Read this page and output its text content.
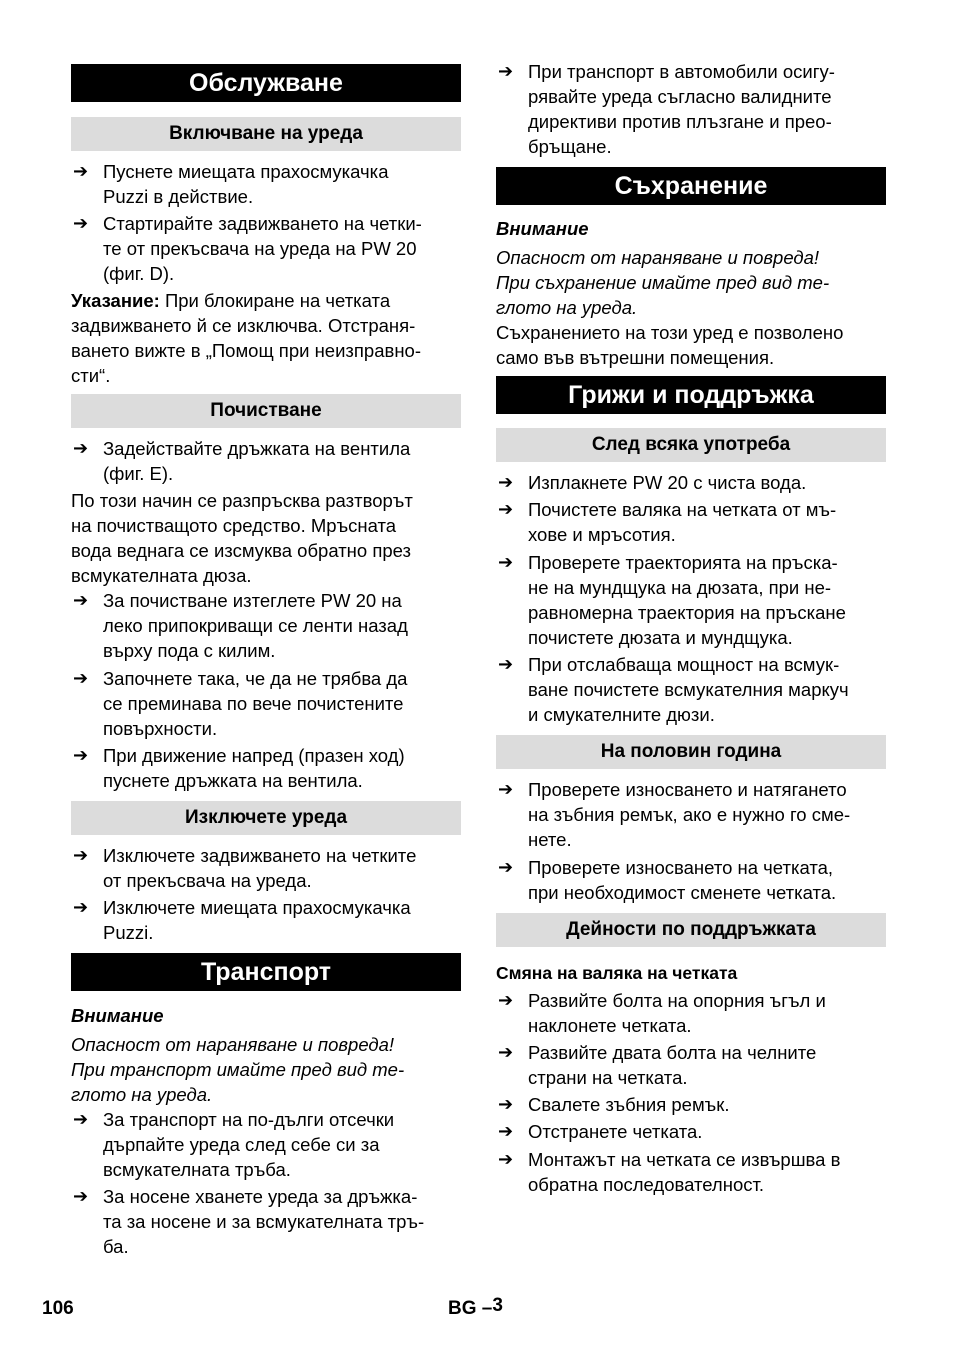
Обслужване
Включване на уреда
➔ Пуснете миещата прахосмукачка
Puzzi в действие.
➔ Стартирайте задвижването на четки-
те от прекъсвача на уреда на PW 20
(фиг. D).
Указание: При блокиране на четката
задвижването й се изключва. Отстраня-
ването вижте в „Помощ при неизправно-
сти“.
Почистване
➔ Задействайте дръжката на вентила
(фиг. E).
По този начин се разпръсква разтворът
на почистващото средство. Мръсната
вода веднага се изсмуква обратно през
всмукателната дюза.
➔ За почистване изтеглете PW 20 на
леко припокриващи се ленти назад
върху пода с килим.
➔ Започнете така, че да не трябва да
се преминава по вече почистените
повърхности.
➔ При движение напред (празен ход)
пуснете дръжката на вентила.
Изключете уреда
➔ Изключете задвижването на четките
от прекъсвача на уреда.
➔ Изключете миещата прахосмукачка
Puzzi.
Транспорт
Внимание
Опасност от нараняване и повреда!
При транспорт имайте пред вид те-
глото на уреда.
➔ За транспорт на по-дълги отсечки
дърпайте уреда след себе си за
всмукателната тръба.
➔ За носене хванете уреда за дръжка-
та за носене и за всмукателната тръ-
ба.
➔ При транспорт в автомобили осигу-
рявайте уреда съгласно валидните
директиви против плъзгане и прео-
бръщане.
Съхранение
Внимание
Опасност от нараняване и повреда!
При съхранение имайте пред вид те-
глото на уреда.
Съхранението на този уред е позволено
само във вътрешни помещения.
Грижи и поддръжка
След всяка употреба
➔ Изплакнете PW 20 с чиста вода.
➔ Почистете валяка на четката от мъ-
хове и мръсотия.
➔ Проверете траекторията на пръска-
не на мундщука на дюзата, при не-
равномерна траектория на пръскане
почистете дюзата и мундщука.
➔ При отслабваща мощност на всмук-
ване почистете всмукателния маркуч
и смукателните дюзи.
На половин година
➔ Проверете износването и натягането
на зъбния ремък, ако е нужно го сме-
нете.
➔ Проверете износването на четката,
при необходимост сменете четката.
Дейности по поддръжката
Смяна на валяка на четката
➔ Развийте болта на опорния ъгъл и
наклонете четката.
➔ Развийте двата болта на челните
страни на четката.
➔ Свалете зъбния ремък.
➔ Отстранете четката.
➔ Монтажът на четката се извършва в
обратна последователност.
106	BG –3
